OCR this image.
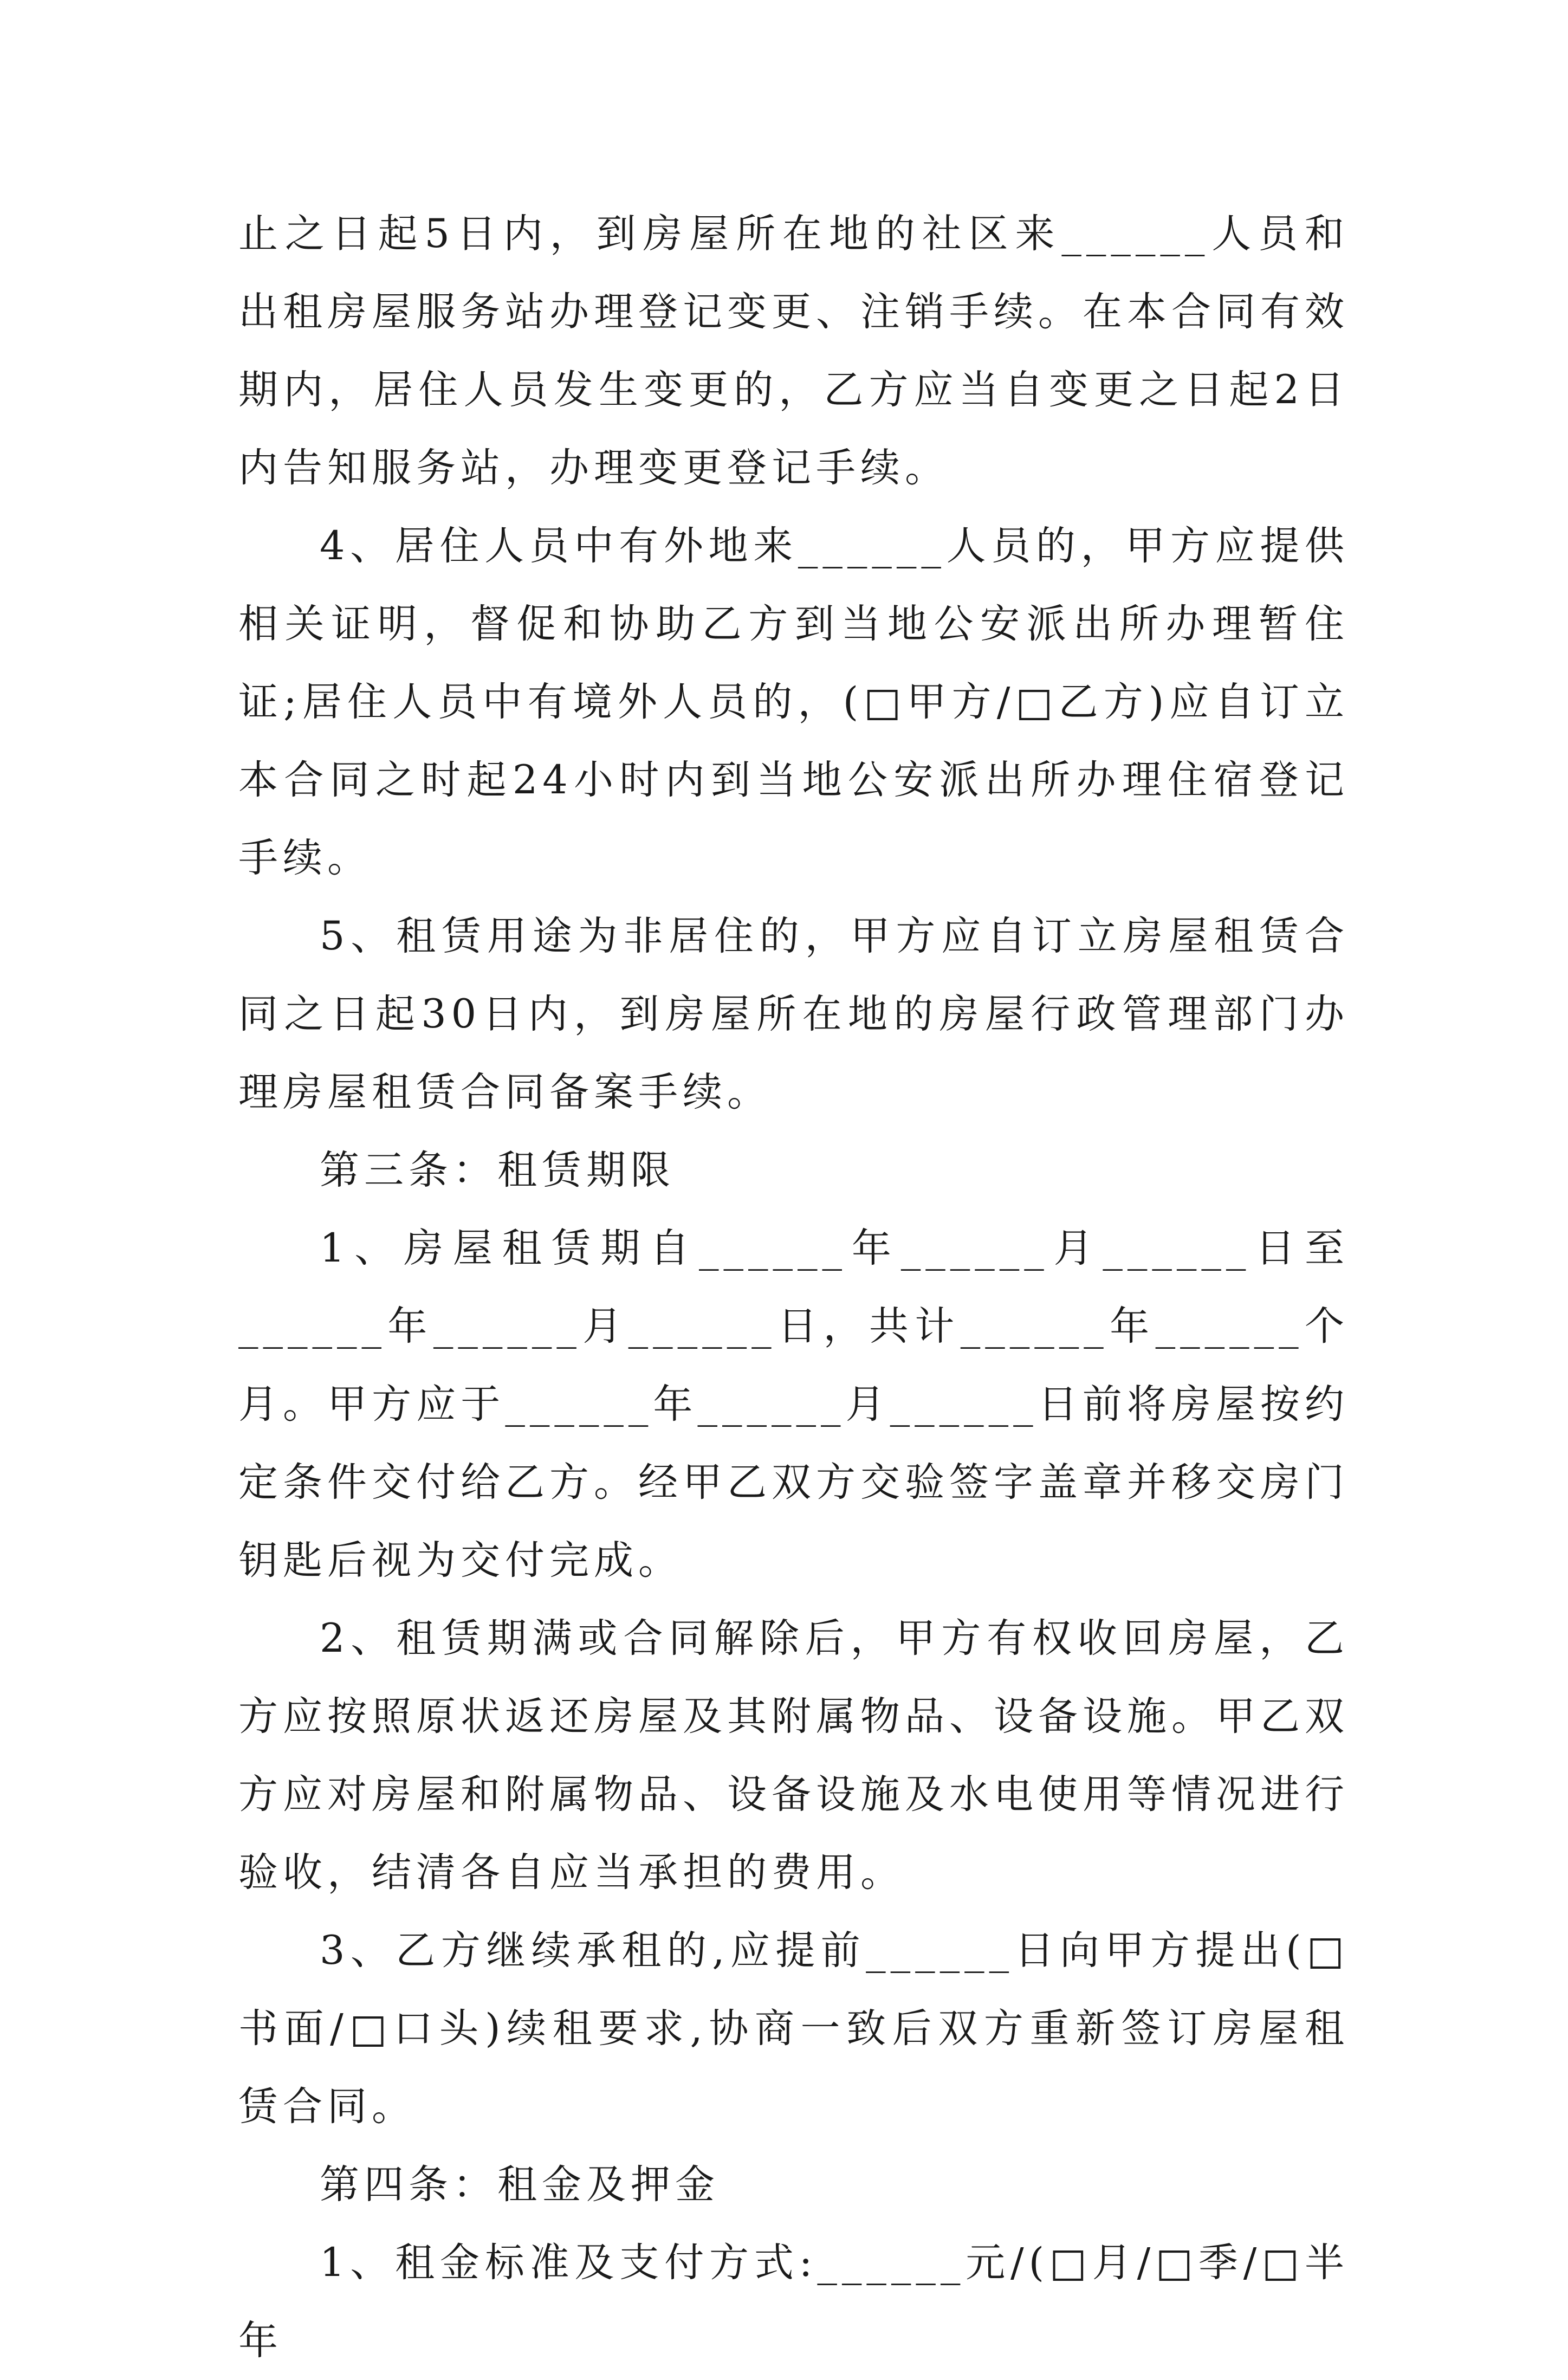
止之日起5日内，到房屋所在地的社区来______人员和出租房屋服务站办理登记变更、注销手续。在本合同有效期内，居住人员发生变更的，乙方应当自变更之日起2日内告知服务站，办理变更登记手续。

4、居住人员中有外地来______人员的，甲方应提供相关证明，督促和协助乙方到当地公安派出所办理暂住证;居住人员中有境外人员的，(□甲方/□乙方)应自订立本合同之时起24小时内到当地公安派出所办理住宿登记手续。

5、租赁用途为非居住的，甲方应自订立房屋租赁合同之日起30日内，到房屋所在地的房屋行政管理部门办理房屋租赁合同备案手续。

第三条：租赁期限

1、房屋租赁期自______年______月______日至______年______月______日，共计______年______个月。甲方应于______年______月______日前将房屋按约定条件交付给乙方。经甲乙双方交验签字盖章并移交房门钥匙后视为交付完成。

2、租赁期满或合同解除后，甲方有权收回房屋，乙方应按照原状返还房屋及其附属物品、设备设施。甲乙双方应对房屋和附属物品、设备设施及水电使用等情况进行验收，结清各自应当承担的费用。

3、乙方继续承租的,应提前______日向甲方提出(□书面/□口头)续租要求,协商一致后双方重新签订房屋租赁合同。

第四条：租金及押金

1、租金标准及支付方式:______元/(□月/□季/□半年
